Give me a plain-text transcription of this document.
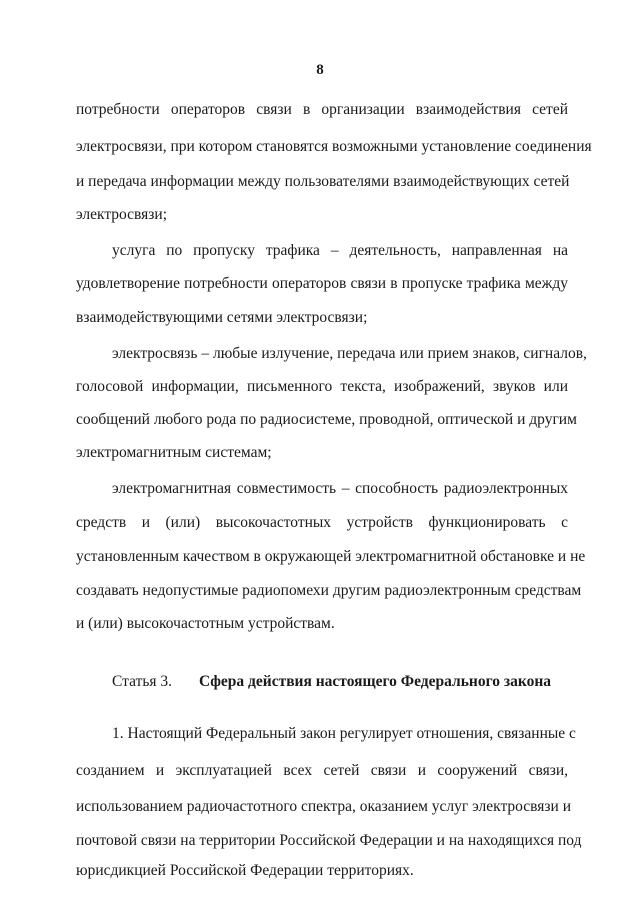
8
потребности операторов связи в организации взаимодействия сетей
электросвязи, при котором становятся возможными установление соединения
и передача информации между пользователями взаимодействующих сетей
электросвязи;
услуга по пропуску трафика – деятельность, направленная на
удовлетворение потребности операторов связи в пропуске трафика между
взаимодействующими сетями электросвязи;
электросвязь – любые излучение, передача или прием знаков, сигналов,
голосовой информации, письменного текста, изображений, звуков или
сообщений любого рода по радиосистеме, проводной, оптической и другим
электромагнитным системам;
электромагнитная совместимость – способность радиоэлектронных
средств и (или) высокочастотных устройств функционировать с
установленным качеством в окружающей электромагнитной обстановке и не
создавать недопустимые радиопомехи другим радиоэлектронным средствам
и (или) высокочастотным устройствам.
Статья 3. Сфера действия настоящего Федерального закона
1. Настоящий Федеральный закон регулирует отношения, связанные с
созданием и эксплуатацией всех сетей связи и сооружений связи,
использованием радиочастотного спектра, оказанием услуг электросвязи и
почтовой связи на территории Российской Федерации и на находящихся под
юрисдикцией Российской Федерации территориях.
